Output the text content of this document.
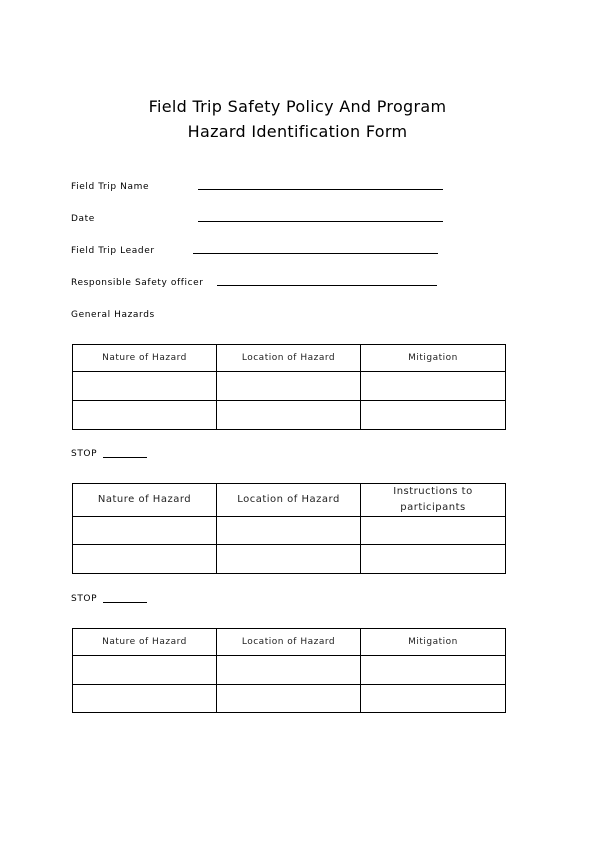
Field Trip Safety Policy And Program
Hazard Identification Form
Field Trip Name
Date
Field Trip Leader
Responsible Safety officer
General Hazards
Nature of Hazard	Location of Hazard	Mitigation

STOP
Nature of Hazard	Location of Hazard	Instructions to participants

STOP
Nature of Hazard	Location of Hazard	Mitigation
